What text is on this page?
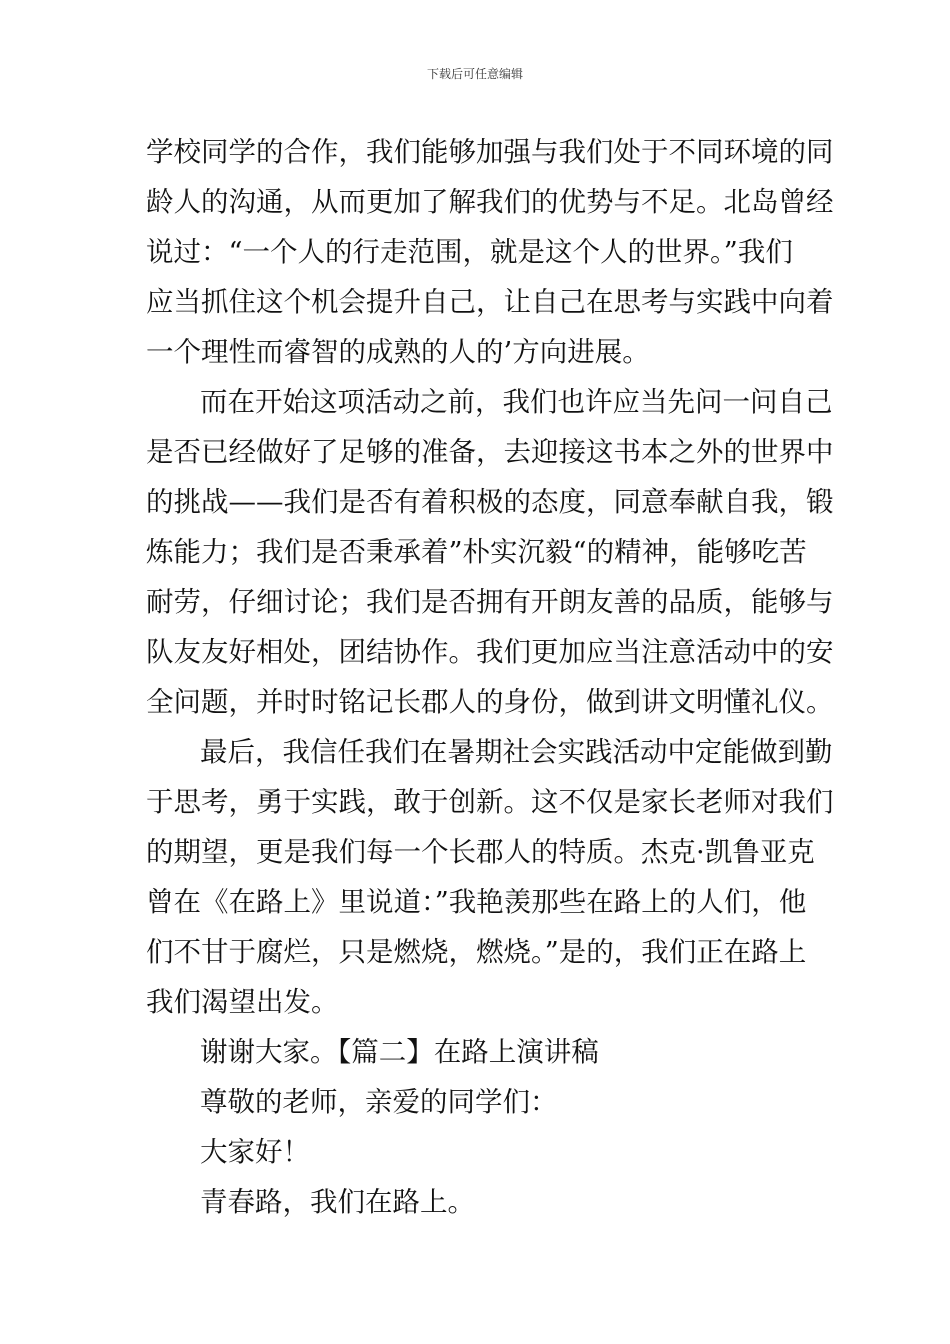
下载后可任意编辑
学校同学的合作，我们能够加强与我们处于不同环境的同
龄人的沟通，从而更加了解我们的优势与不足。北岛曾经
说过：“一个人的行走范围，就是这个人的世界。”我们
应当抓住这个机会提升自己，让自己在思考与实践中向着
一个理性而睿智的成熟的人的’方向进展。
而在开始这项活动之前，我们也许应当先问一问自己
是否已经做好了足够的准备，去迎接这书本之外的世界中
的挑战——我们是否有着积极的态度，同意奉献自我，锻
炼能力；我们是否秉承着”朴实沉毅“的精神，能够吃苦
耐劳，仔细讨论；我们是否拥有开朗友善的品质，能够与
队友友好相处，团结协作。我们更加应当注意活动中的安
全问题，并时时铭记长郡人的身份，做到讲文明懂礼仪。
最后，我信任我们在暑期社会实践活动中定能做到勤
于思考，勇于实践，敢于创新。这不仅是家长老师对我们
的期望，更是我们每一个长郡人的特质。杰克·凯鲁亚克
曾在《在路上》里说道：”我艳羡那些在路上的人们，他
们不甘于腐烂，只是燃烧，燃烧。”是的，我们正在路上
我们渴望出发。
谢谢大家。【篇二】在路上演讲稿
尊敬的老师，亲爱的同学们：
大家好！
青春路，我们在路上。
